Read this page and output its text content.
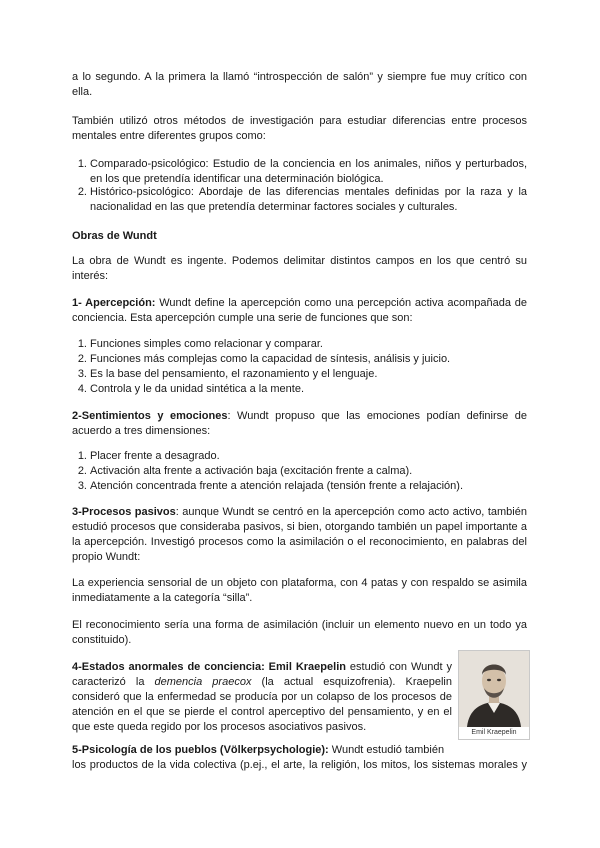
a lo segundo. A la primera la llamó “introspección de salón” y siempre fue muy crítico con ella.

También utilizó otros métodos de investigación para estudiar diferencias entre procesos mentales entre diferentes grupos como:

1. Comparado-psicológico: Estudio de la conciencia en los animales, niños y perturbados, en los que pretendía identificar una determinación biológica.
2. Histórico-psicológico: Abordaje de las diferencias mentales definidas por la raza y la nacionalidad en las que pretendía determinar factores sociales y culturales.
Obras de Wundt

La obra de Wundt es ingente. Podemos delimitar distintos campos en los que centró su interés:

1- Apercepción: Wundt define la apercepción como una percepción activa acompañada de conciencia. Esta apercepción cumple una serie de funciones que son:

1. Funciones simples como relacionar y comparar.
2. Funciones más complejas como la capacidad de síntesis, análisis y juicio.
3. Es la base del pensamiento, el razonamiento y el lenguaje.
4. Controla y le da unidad sintética a la mente.

2-Sentimientos y emociones: Wundt propuso que las emociones podían definirse de acuerdo a tres dimensiones:

1. Placer frente a desagrado.
2. Activación alta frente a activación baja (excitación frente a calma).
3. Atención concentrada frente a atención relajada (tensión frente a relajación).

3-Procesos pasivos: aunque Wundt se centró en la apercepción como acto activo, también estudió procesos que consideraba pasivos, si bien, otorgando también un papel importante a la apercepción. Investigó procesos como la asimilación o el reconocimiento, en palabras del propio Wundt:

La experiencia sensorial de un objeto con plataforma, con 4 patas y con respaldo se asimila inmediatamente a la categoría “silla”.

El reconocimiento sería una forma de asimilación (incluir un elemento nuevo en un todo ya constituido).

4-Estados anormales de conciencia: Emil Kraepelin estudió con Wundt y caracterizó la demencia praecox (la actual esquizofrenia). Kraepelin consideró que la enfermedad se producía por un colapso de los procesos de atención en el que se pierde el control aperceptivo del pensamiento, y en el que este queda regido por los procesos asociativos pasivos.	Emil Kraepelin
5-Psicología de los pueblos (Völkerpsychologie): Wundt estudió también
los productos de la vida colectiva (p.ej., el arte, la religión, los mitos, los sistemas morales y
